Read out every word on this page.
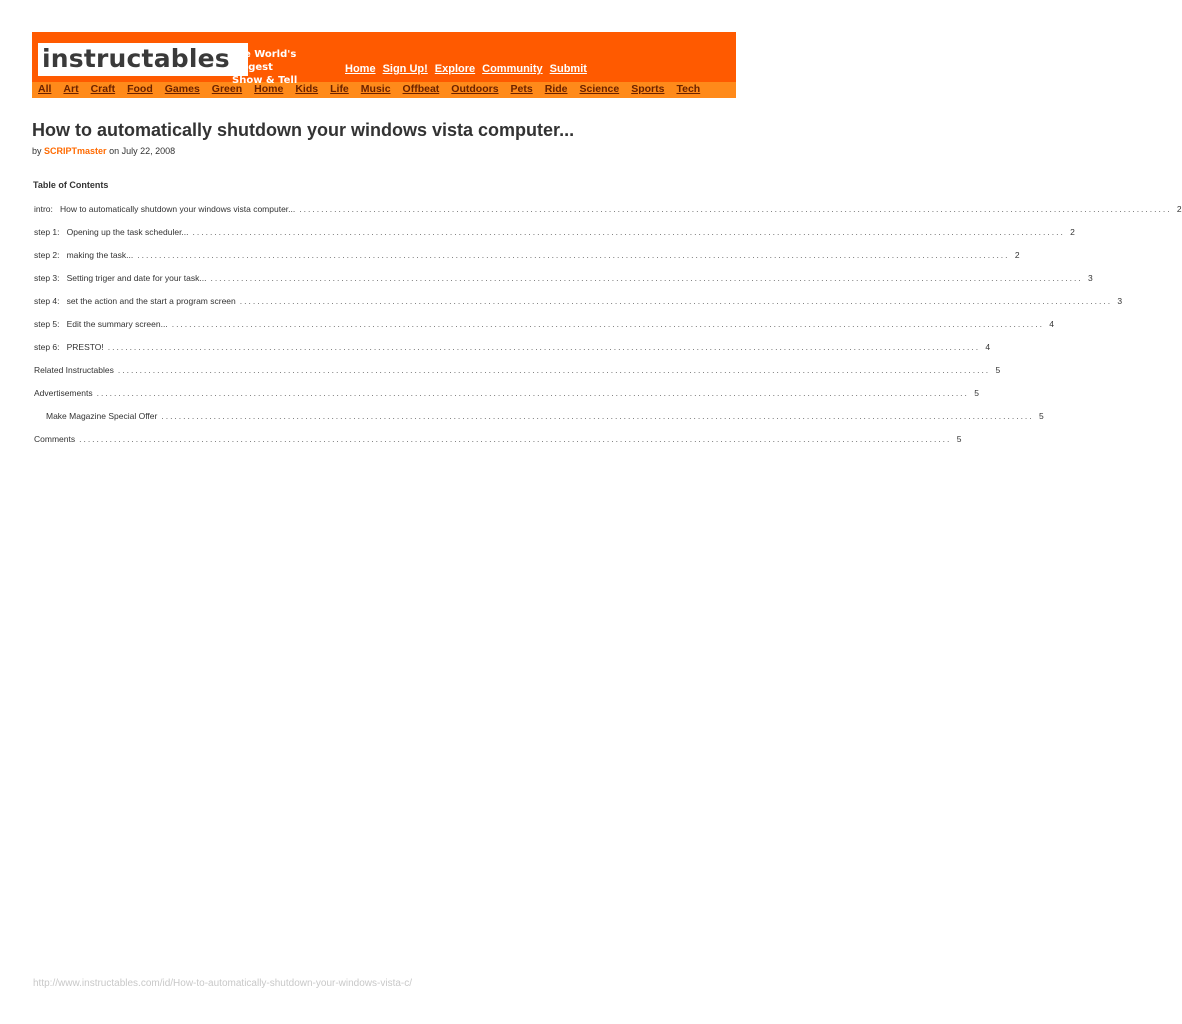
instructables The World's Biggest
Show & Tell
Home Sign Up! Explore Community Submit
All Art Craft Food Games Green Home Kids Life Music Offbeat Outdoors Pets Ride Science Sports Tech
How to automatically shutdown your windows vista computer...
by SCRIPTmaster on July 22, 2008
Table of Contents
intro:   How to automatically shutdown your windows vista computer... ........................................................................................................................................................................................................ 2
step 1:   Opening up the task scheduler... ........................................................................................................................................................................................................ 2
step 2:   making the task... ........................................................................................................................................................................................................ 2
step 3:   Setting triger and date for your task... ........................................................................................................................................................................................................ 3
step 4:   set the action and the start a program screen ........................................................................................................................................................................................................ 3
step 5:   Edit the summary screen... ........................................................................................................................................................................................................ 4
step 6:   PRESTO! ........................................................................................................................................................................................................ 4
Related Instructables ........................................................................................................................................................................................................ 5
Advertisements ........................................................................................................................................................................................................ 5
Make Magazine Special Offer ........................................................................................................................................................................................................ 5
Comments ........................................................................................................................................................................................................ 5
http://www.instructables.com/id/How-to-automatically-shutdown-your-windows-vista-c/
